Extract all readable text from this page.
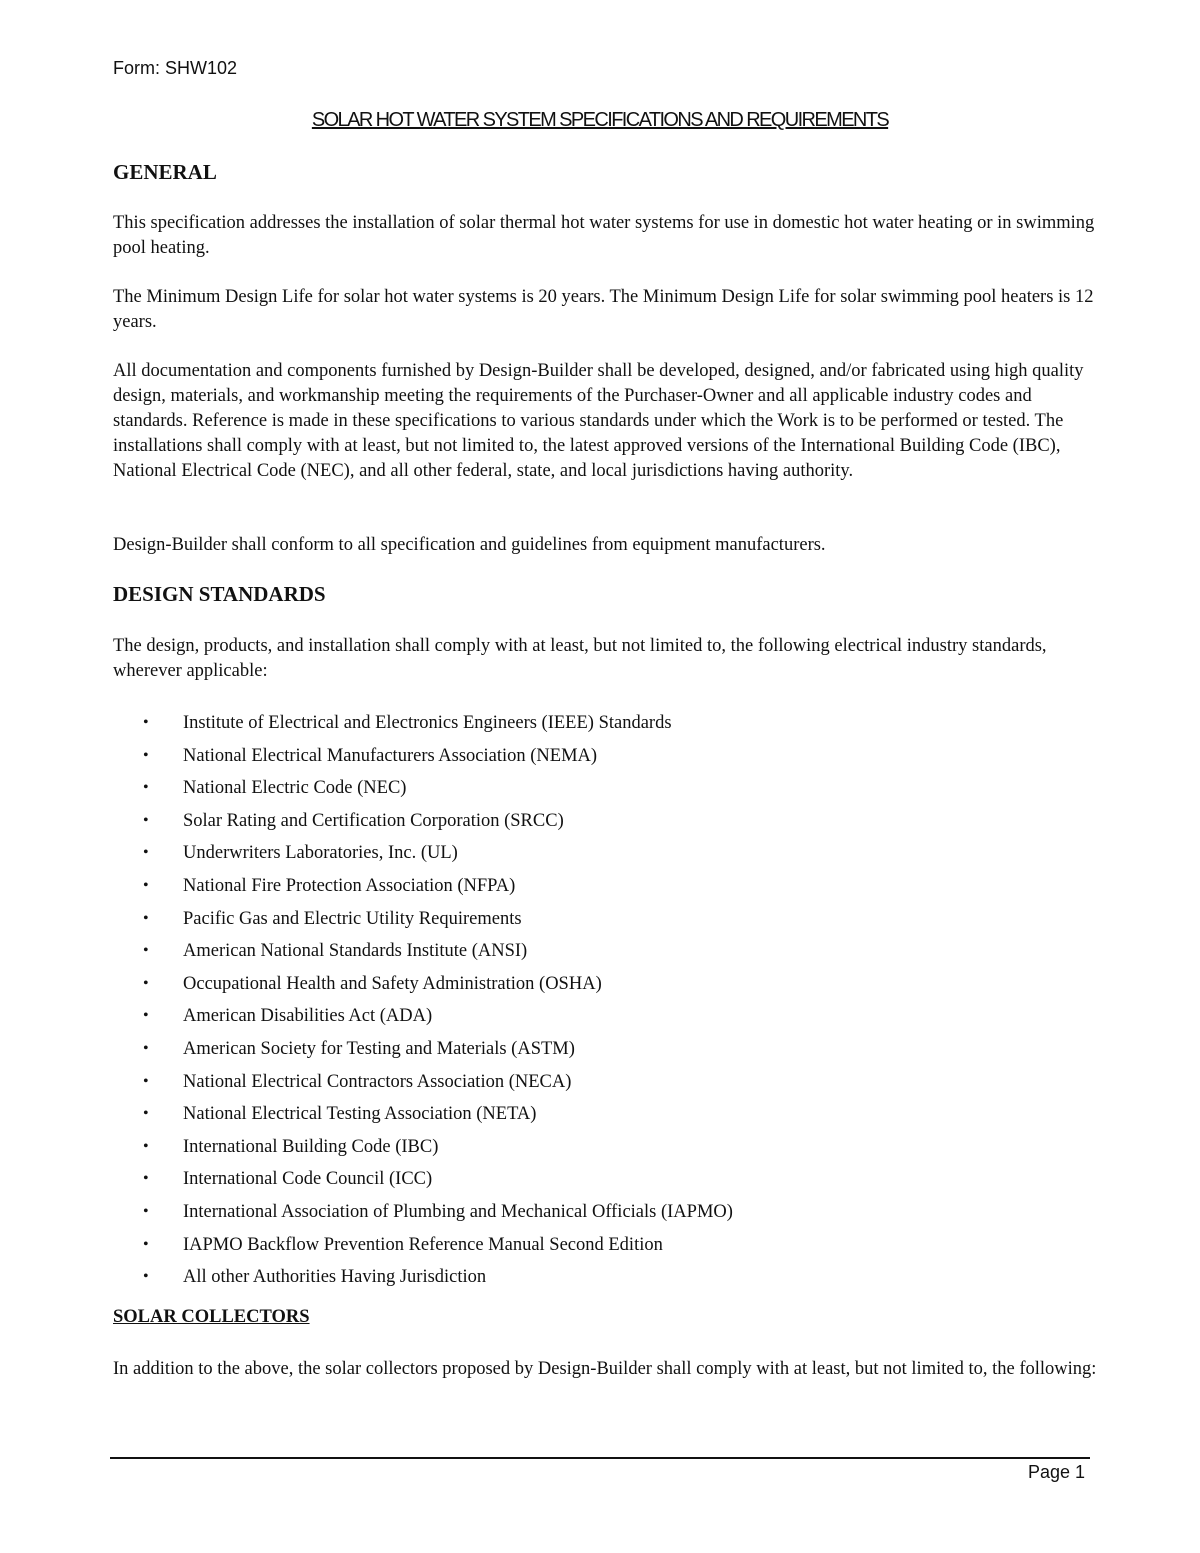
Form: SHW102
SOLAR HOT WATER SYSTEM SPECIFICATIONS AND REQUIREMENTS
GENERAL

This specification addresses the installation of solar thermal hot water systems for use in domestic hot water heating or in swimming pool heating.

The Minimum Design Life for solar hot water systems is 20 years. The Minimum Design Life for solar swimming pool heaters is 12 years.

All documentation and components furnished by Design-Builder shall be developed, designed, and/or fabricated using high quality design, materials, and workmanship meeting the requirements of the Purchaser-Owner and all applicable industry codes and standards. Reference is made in these specifications to various standards under which the Work is to be performed or tested. The installations shall comply with at least, but not limited to, the latest approved versions of the International Building Code (IBC), National Electrical Code (NEC), and all other federal, state, and local jurisdictions having authority.

Design-Builder shall conform to all specification and guidelines from equipment manufacturers.

DESIGN STANDARDS

The design, products, and installation shall comply with at least, but not limited to, the following electrical industry standards, wherever applicable:

• Institute of Electrical and Electronics Engineers (IEEE) Standards
• National Electrical Manufacturers Association (NEMA)
• National Electric Code (NEC)
• Solar Rating and Certification Corporation (SRCC)
• Underwriters Laboratories, Inc. (UL)
• National Fire Protection Association (NFPA)
• Pacific Gas and Electric Utility Requirements
• American National Standards Institute (ANSI)
• Occupational Health and Safety Administration (OSHA)
• American Disabilities Act (ADA)
• American Society for Testing and Materials (ASTM)
• National Electrical Contractors Association (NECA)
• National Electrical Testing Association (NETA)
• International Building Code (IBC)
• International Code Council (ICC)
• International Association of Plumbing and Mechanical Officials (IAPMO)
• IAPMO Backflow Prevention Reference Manual Second Edition
• All other Authorities Having Jurisdiction
SOLAR COLLECTORS

In addition to the above, the solar collectors proposed by Design-Builder shall comply with at least, but not limited to, the following:

Page 1
